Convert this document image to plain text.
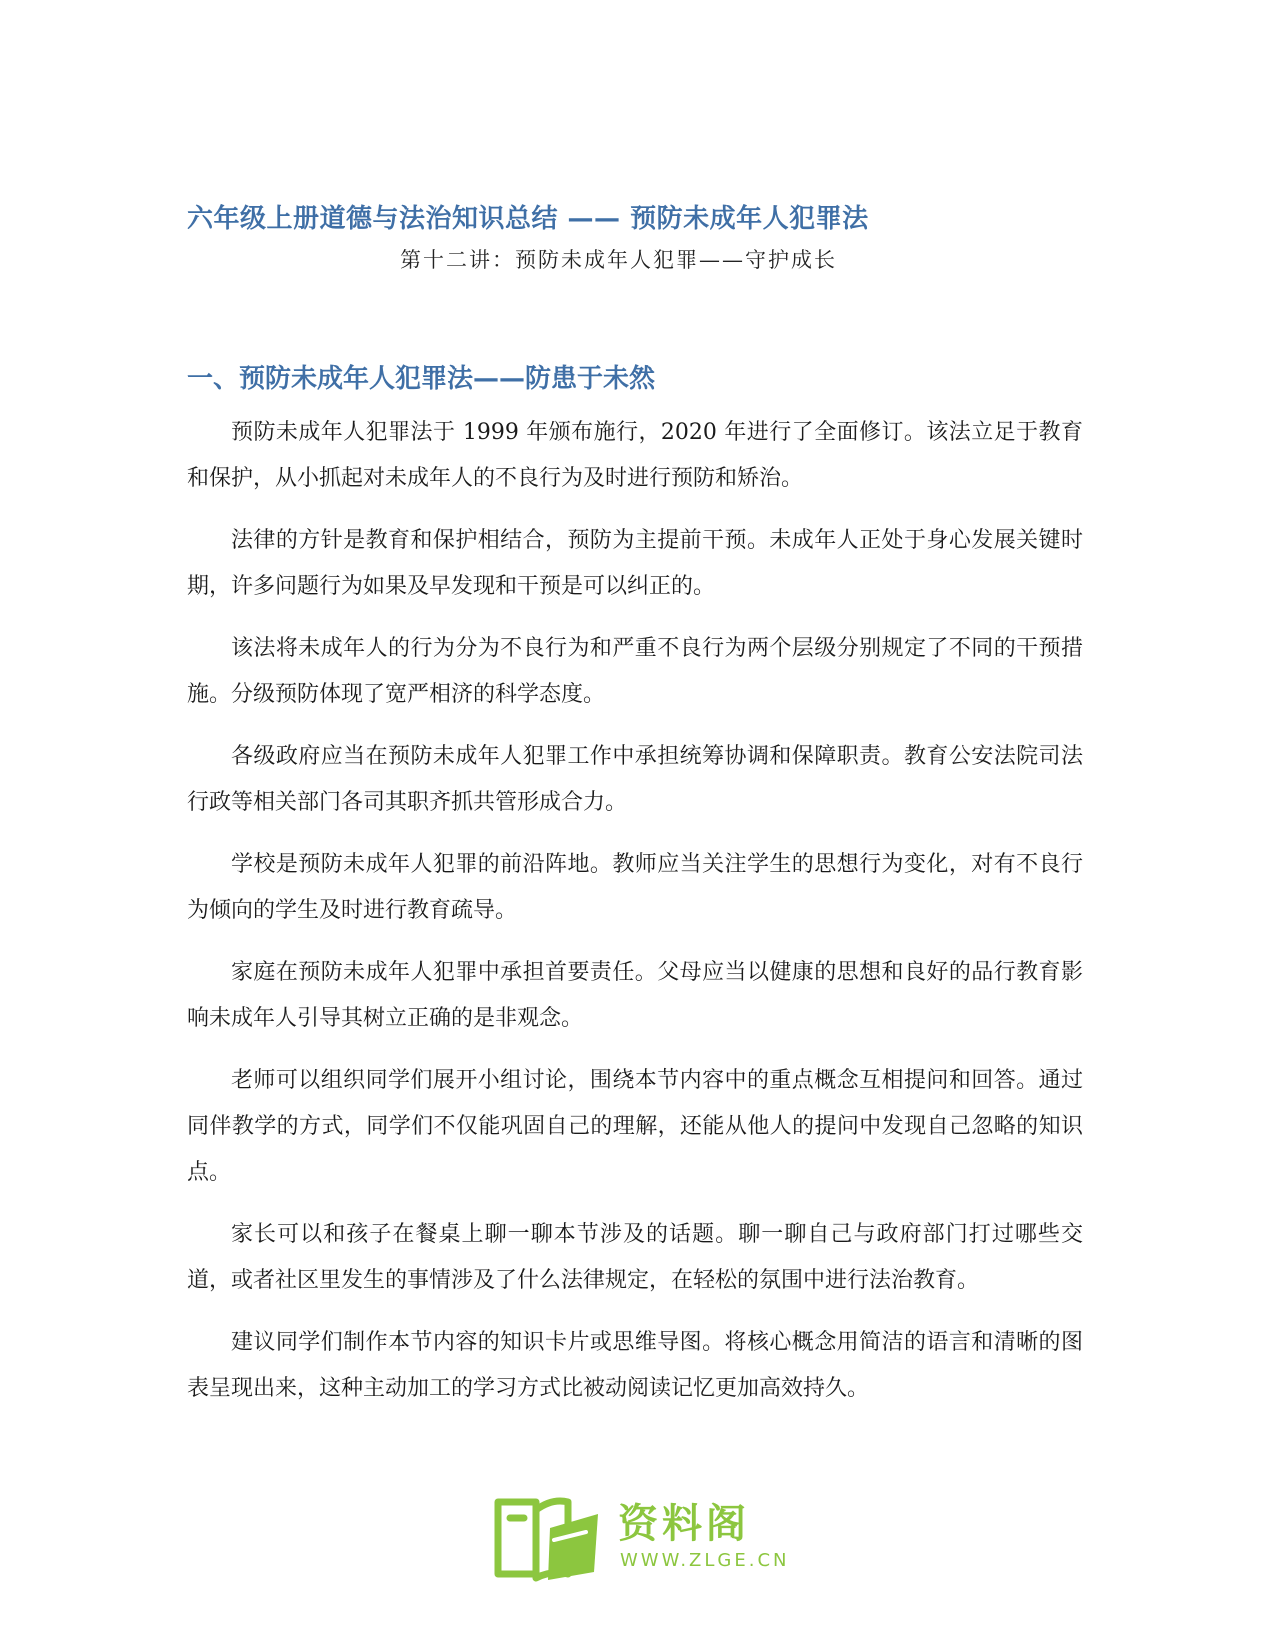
六年级上册道德与法治知识总结 —— 预防未成年人犯罪法
第十二讲：预防未成年人犯罪——守护成长
一、预防未成年人犯罪法——防患于未然

预防未成年人犯罪法于 1999 年颁布施行，2020 年进行了全面修订。该法立足于教育和保护，从小抓起对未成年人的不良行为及时进行预防和矫治。

法律的方针是教育和保护相结合，预防为主提前干预。未成年人正处于身心发展关键时期，许多问题行为如果及早发现和干预是可以纠正的。

该法将未成年人的行为分为不良行为和严重不良行为两个层级分别规定了不同的干预措施。分级预防体现了宽严相济的科学态度。

各级政府应当在预防未成年人犯罪工作中承担统筹协调和保障职责。教育公安法院司法行政等相关部门各司其职齐抓共管形成合力。

学校是预防未成年人犯罪的前沿阵地。教师应当关注学生的思想行为变化，对有不良行为倾向的学生及时进行教育疏导。

家庭在预防未成年人犯罪中承担首要责任。父母应当以健康的思想和良好的品行教育影响未成年人引导其树立正确的是非观念。

老师可以组织同学们展开小组讨论，围绕本节内容中的重点概念互相提问和回答。通过同伴教学的方式，同学们不仅能巩固自己的理解，还能从他人的提问中发现自己忽略的知识点。

家长可以和孩子在餐桌上聊一聊本节涉及的话题。聊一聊自己与政府部门打过哪些交道，或者社区里发生的事情涉及了什么法律规定，在轻松的氛围中进行法治教育。

建议同学们制作本节内容的知识卡片或思维导图。将核心概念用简洁的语言和清晰的图表呈现出来，这种主动加工的学习方式比被动阅读记忆更加高效持久。

资料阁
WWW.ZLGE.CN
